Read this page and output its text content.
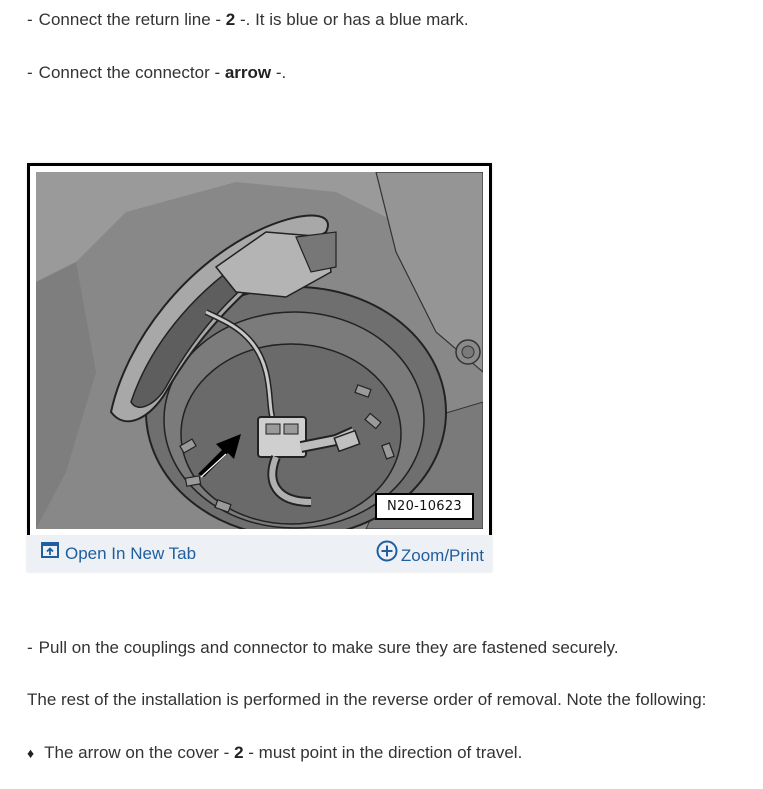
- Connect the return line - 2 -. It is blue or has a blue mark.
- Connect the connector - arrow -.
N20-10623
Open In New Tab	Zoom/Print
- Pull on the couplings and connector to make sure they are fastened securely.
The rest of the installation is performed in the reverse order of removal. Note the following:
♦ The arrow on the cover - 2 - must point in the direction of travel.
